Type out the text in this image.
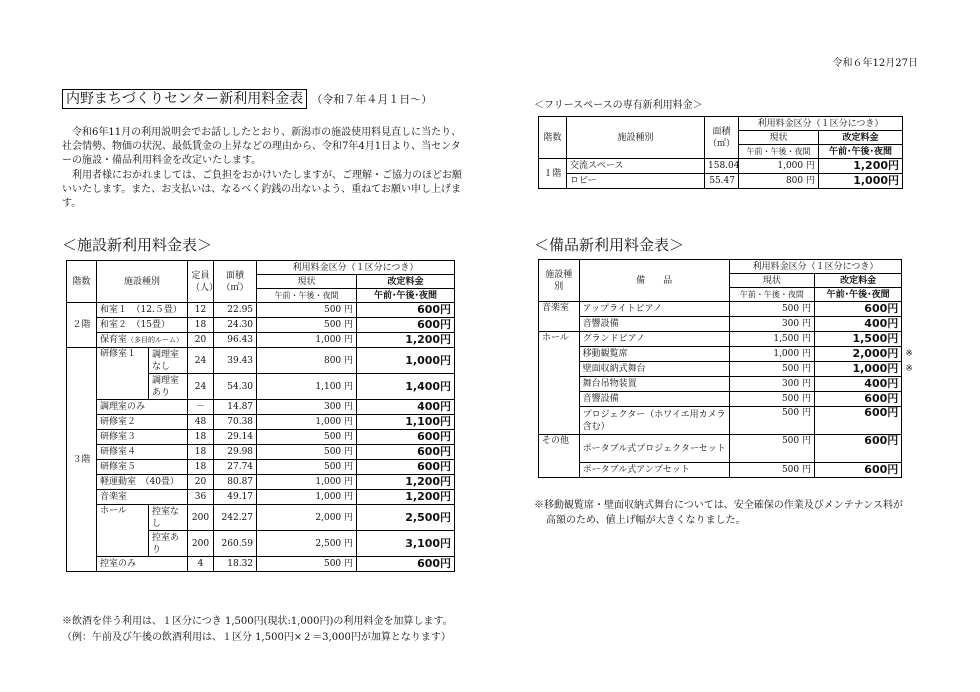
令和６年12月27日
内野まちづくりセンター新利用料金表 （令和７年４月１日～）

令和6年11月の利用説明会でお話ししたとおり、新潟市の施設使用料見直しに当たり、社会情勢、物価の状況、最低賃金の上昇などの理由から、令和7年4月1日より、当センターの施設・備品利用料金を改定いたします。

利用者様におかれましては、ご負担をおかけいたしますが、ご理解・ご協力のほどお願いいたします。また、お支払いは、なるべく釣銭の出ないよう、重ねてお願い申し上げます。

＜施設新利用料金表＞
階数	施設種別		定員（人）	面積（㎡）	利用料金区分（１区分につき）	
					現状	改定料金
					午前・午後・夜間	午前･午後･夜間
２階	和室１　（12.５畳）		12	22.95	500 円	600円
	和室２　（15畳）		18	24.30	500 円	600円
	保育室（多目的ルーム）		20	96.43	1,000 円	1,200円
３階	研修室１	調理室なし	24	39.43	800 円	1,000円
		調理室あり	24	54.30	1,100 円	1,400円
	調理室のみ		－	14.87	300 円	400円
	研修室２		48	70.38	1,000 円	1,100円
	研修室３		18	29.14	500 円	600円
	研修室４		18	29.98	500 円	600円
	研修室５		18	27.74	500 円	600円
	軽運動室　（40畳）		20	80.87	1,000 円	1,200円
	音楽室		36	49.17	1,000 円	1,200円
	ホール	控室なし	200	242.27	2,000 円	2,500円
		控室あり	200	260.59	2,500 円	3,100円
	控室のみ		4	18.32	500 円	600円
※飲酒を伴う利用は、１区分につき 1,500円(現状:1,000円)の利用料金を加算します。
（例：午前及び午後の飲酒利用は、１区分 1,500円×２＝3,000円が加算となります）
＜フリースペースの専有新利用料金＞
階数	施設種別	面積（㎡）	利用料金区分（１区分につき）	
			現状	改定料金
			午前・午後・夜間	午前･午後･夜間
１階	交流スペース	158.04	1,000 円	1,200円
	ロビー	55.47	800 円	1,000円
＜備品新利用料金表＞
施設種別	備　　品	利用料金区分（１区分につき）		
		現状	改定料金	
		午前・午後・夜間	午前･午後･夜間	
音楽室	アップライトピアノ	500 円	600円	
	音響設備	300 円	400円	
ホール	グランドピアノ	1,500 円	1,500円	
	移動観覧席	1,000 円	2,000円	※
	壁面収納式舞台	500 円	1,000円	※
	舞台吊物装置	300 円	400円	
	音響設備	500 円	600円	
	プロジェクター（ホワイエ用カメラ含む）	500 円	600円	
その他	ポータブル式プロジェクターセット	500 円	600円	
	ポータブル式アンプセット	500 円	600円	
※移動観覧席・壁面収納式舞台については、安全確保の作業及びメンテナンス料が
高額のため、値上げ幅が大きくなりました。
